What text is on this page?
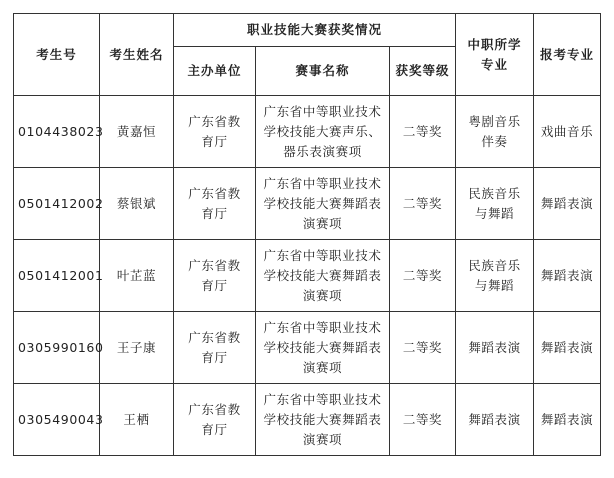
考生号	考生姓名	职业技能大赛获奖情况			中职所学专业	报考专业
		主办单位	赛事名称	获奖等级		
0104438023	黄嘉恒	广东省教育厅	广东省中等职业技术学校技能大赛声乐、器乐表演赛项	二等奖	粤剧音乐伴奏	戏曲音乐
0501412002	蔡银斌	广东省教育厅	广东省中等职业技术学校技能大赛舞蹈表演赛项	二等奖	民族音乐与舞蹈	舞蹈表演
0501412001	叶芷蓝	广东省教育厅	广东省中等职业技术学校技能大赛舞蹈表演赛项	二等奖	民族音乐与舞蹈	舞蹈表演
0305990160	王子康	广东省教育厅	广东省中等职业技术学校技能大赛舞蹈表演赛项	二等奖	舞蹈表演	舞蹈表演
0305490043	王栖	广东省教育厅	广东省中等职业技术学校技能大赛舞蹈表演赛项	二等奖	舞蹈表演	舞蹈表演
